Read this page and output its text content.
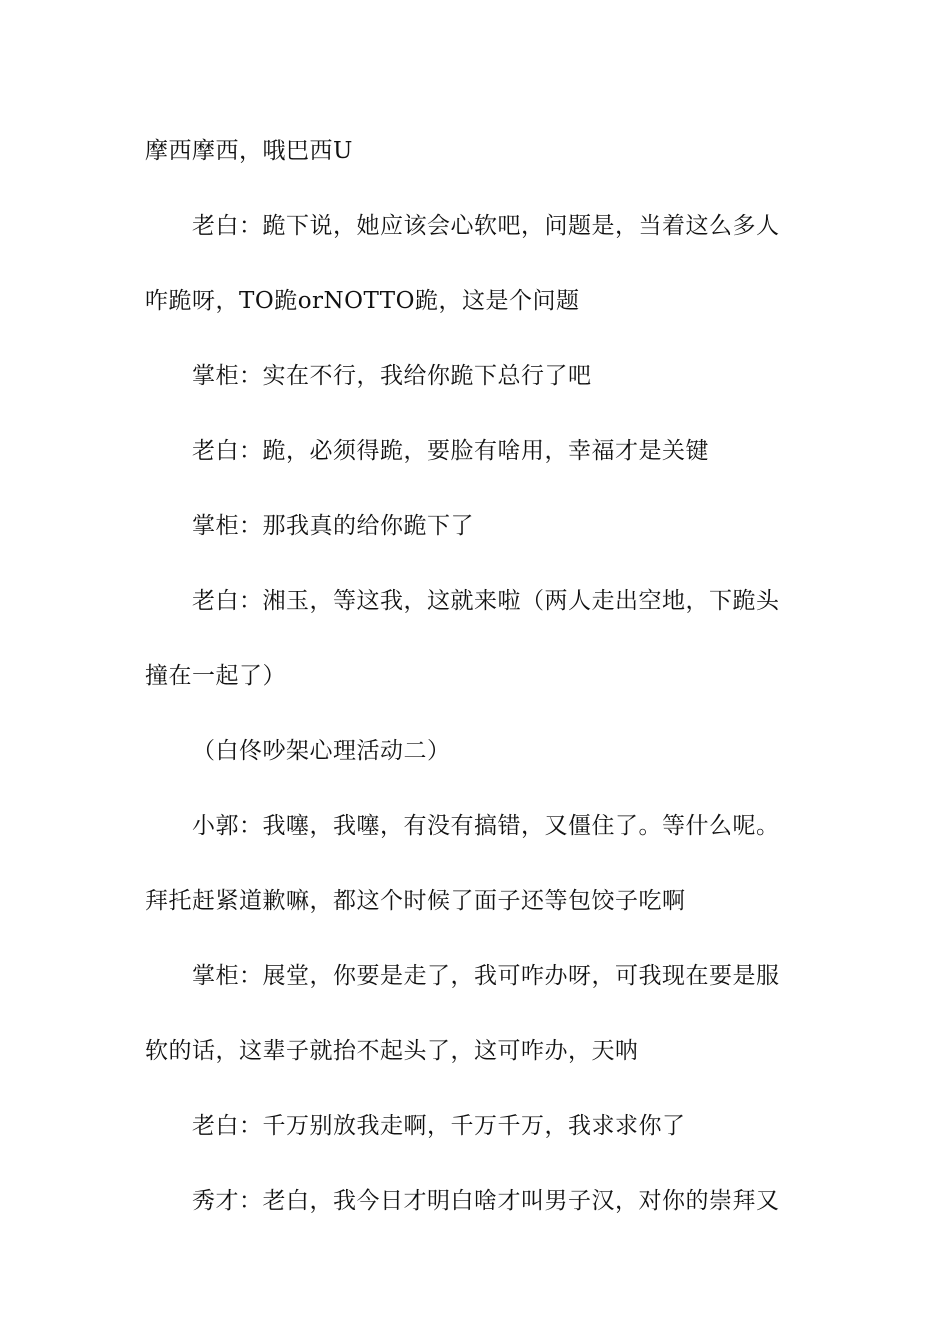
摩西摩西，哦巴西U
老白：跪下说，她应该会心软吧，问题是，当着这么多人
咋跪呀，TO跪orNOTTO跪，这是个问题
掌柜：实在不行，我给你跪下总行了吧
老白：跪，必须得跪，要脸有啥用，幸福才是关键
掌柜：那我真的给你跪下了
老白：湘玉，等这我，这就来啦（两人走出空地，下跪头
撞在一起了）
（白佟吵架心理活动二）
小郭：我噻，我噻，有没有搞错，又僵住了。等什么呢。
拜托赶紧道歉嘛，都这个时候了面子还等包饺子吃啊
掌柜：展堂，你要是走了，我可咋办呀，可我现在要是服
软的话，这辈子就抬不起头了，这可咋办，天呐
老白：千万别放我走啊，千万千万，我求求你了
秀才：老白，我今日才明白啥才叫男子汉，对你的崇拜又
